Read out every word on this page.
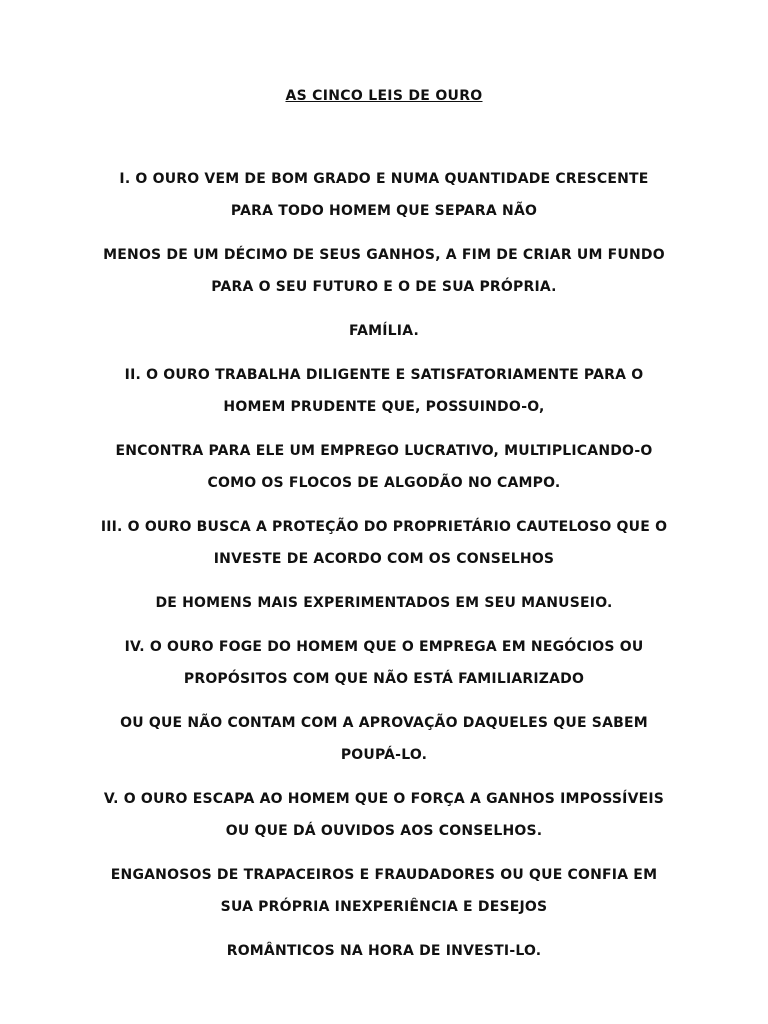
AS CINCO LEIS DE OURO

I. O OURO VEM DE BOM GRADO E NUMA QUANTIDADE CRESCENTE PARA TODO HOMEM QUE SEPARA NÃO

MENOS DE UM DÉCIMO DE SEUS GANHOS, A FIM DE CRIAR UM FUNDO PARA O SEU FUTURO E O DE SUA PRÓPRIA.

FAMÍLIA.

II. O OURO TRABALHA DILIGENTE E SATISFATORIAMENTE PARA O HOMEM PRUDENTE QUE, POSSUINDO-O,

ENCONTRA PARA ELE UM EMPREGO LUCRATIVO, MULTIPLICANDO-O COMO OS FLOCOS DE ALGODÃO NO CAMPO.

III. O OURO BUSCA A PROTEÇÃO DO PROPRIETÁRIO CAUTELOSO QUE O INVESTE DE ACORDO COM OS CONSELHOS

DE HOMENS MAIS EXPERIMENTADOS EM SEU MANUSEIO.

IV. O OURO FOGE DO HOMEM QUE O EMPREGA EM NEGÓCIOS OU PROPÓSITOS COM QUE NÃO ESTÁ FAMILIARIZADO

OU QUE NÃO CONTAM COM A APROVAÇÃO DAQUELES QUE SABEM POUPÁ-LO.

V. O OURO ESCAPA AO HOMEM QUE O FORÇA A GANHOS IMPOSSÍVEIS OU QUE DÁ OUVIDOS AOS CONSELHOS.

ENGANOSOS DE TRAPACEIROS E FRAUDADORES OU QUE CONFIA EM SUA PRÓPRIA INEXPERIÊNCIA E DESEJOS

ROMÂNTICOS NA HORA DE INVESTI-LO.
